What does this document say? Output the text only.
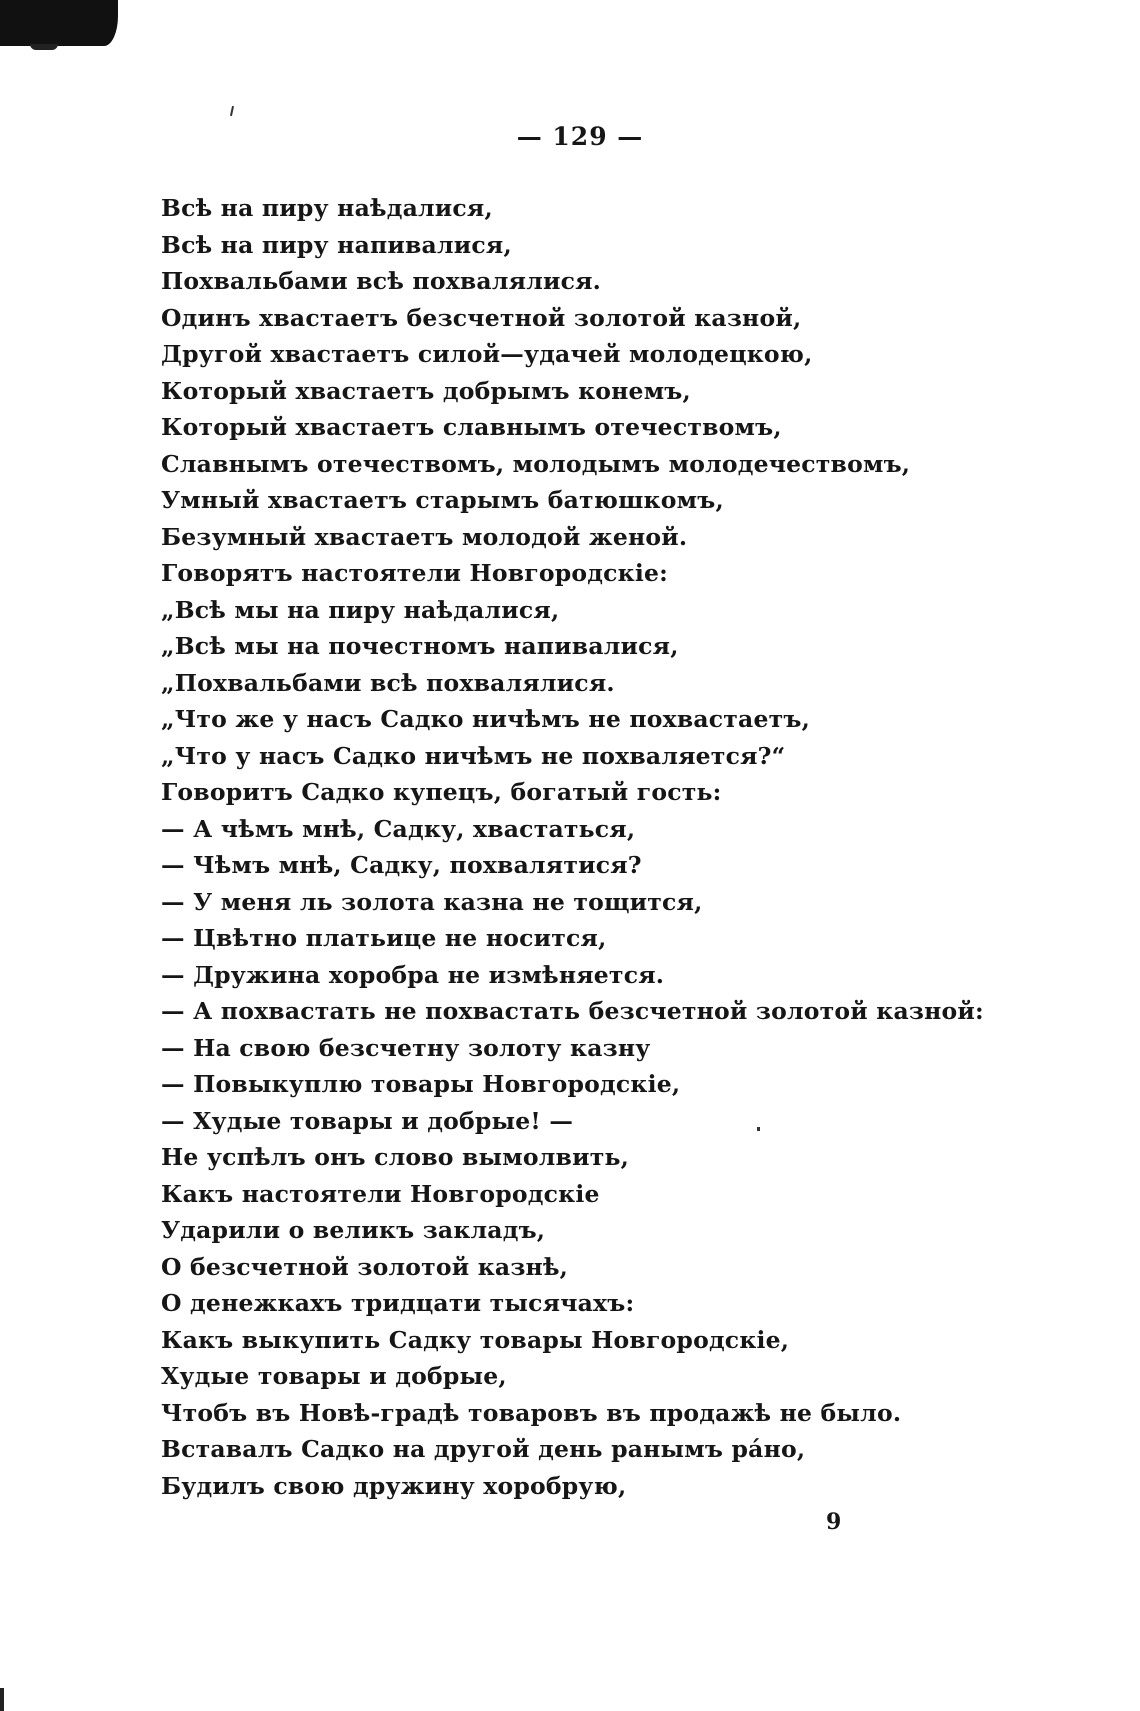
— 129 —
Всѣ на пиру наѣдалися,
Всѣ на пиру напивалися,
Похвальбами всѣ похвалялися.
Одинъ хвастаетъ безсчетной золотой казной,
Другой хвастаетъ силой—удачей молодецкою,
Который хвастаетъ добрымъ конемъ,
Который хвастаетъ славнымъ отечествомъ,
Славнымъ отечествомъ, молодымъ молодечествомъ,
Умный хвастаетъ старымъ батюшкомъ,
Безумный хвастаетъ молодой женой.
Говорятъ настоятели Новгородскіе:
„Всѣ мы на пиру наѣдалися,
„Всѣ мы на почестномъ напивалися,
„Похвальбами всѣ похвалялися.
„Что же у насъ Садко ничѣмъ не похвастаетъ,
„Что у насъ Садко ничѣмъ не похваляется?“
Говоритъ Садко купецъ, богатый гость:
— А чѣмъ мнѣ, Садку, хвастаться,
— Чѣмъ мнѣ, Садку, похвалятися?
— У меня ль золота казна не тощится,
— Цвѣтно платьице не носится,
— Дружина хоробра не измѣняется.
— А похвастать не похвастать безсчетной золотой казной:
— На свою безсчетну золоту казну
— Повыкуплю товары Новгородскіе,
— Худые товары и добрые! —
Не успѣлъ онъ слово вымолвить,
Какъ настоятели Новгородскіе
Ударили о великъ закладъ,
О безсчетной золотой казнѣ,
О денежкахъ тридцати тысячахъ:
Какъ выкупить Садку товары Новгородскіе,
Худые товары и добрые,
Чтобъ въ Новѣ-градѣ товаровъ въ продажѣ не было.
Вставалъ Садко на другой день ранымъ ра́но,
Будилъ свою дружину хоробрую,
9
